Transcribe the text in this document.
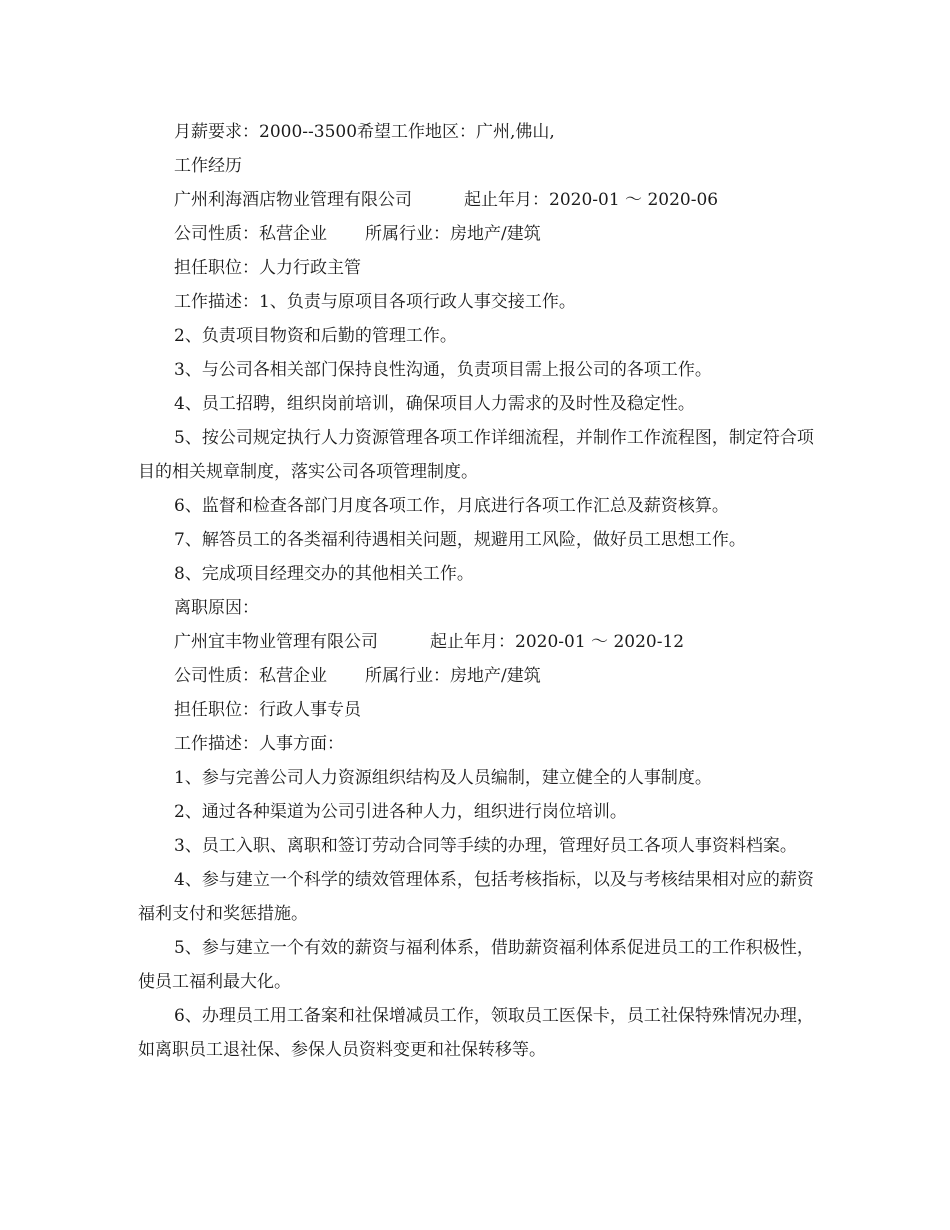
月薪要求：2000--3500希望工作地区：广州,佛山,

工作经历

广州利海酒店物业管理有限公司	起止年月：2020-01 ～ 2020-06
公司性质：私营企业 所属行业：房地产/建筑

担任职位：人力行政主管

工作描述：1、负责与原项目各项行政人事交接工作。

2、负责项目物资和后勤的管理工作。

3、与公司各相关部门保持良性沟通，负责项目需上报公司的各项工作。

4、员工招聘，组织岗前培训，确保项目人力需求的及时性及稳定性。

5、按公司规定执行人力资源管理各项工作详细流程，并制作工作流程图，制定符合项目的相关规章制度，落实公司各项管理制度。

6、监督和检查各部门月度各项工作，月底进行各项工作汇总及薪资核算。

7、解答员工的各类福利待遇相关问题，规避用工风险，做好员工思想工作。

8、完成项目经理交办的其他相关工作。

离职原因：

广州宜丰物业管理有限公司	起止年月：2020-01 ～ 2020-12
公司性质：私营企业 所属行业：房地产/建筑

担任职位：行政人事专员

工作描述：人事方面：

1、参与完善公司人力资源组织结构及人员编制，建立健全的人事制度。

2、通过各种渠道为公司引进各种人力，组织进行岗位培训。

3、员工入职、离职和签订劳动合同等手续的办理，管理好员工各项人事资料档案。

4、参与建立一个科学的绩效管理体系，包括考核指标，以及与考核结果相对应的薪资福利支付和奖惩措施。

5、参与建立一个有效的薪资与福利体系，借助薪资福利体系促进员工的工作积极性，使员工福利最大化。

6、办理员工用工备案和社保增减员工作，领取员工医保卡，员工社保特殊情况办理，如离职员工退社保、参保人员资料变更和社保转移等。
